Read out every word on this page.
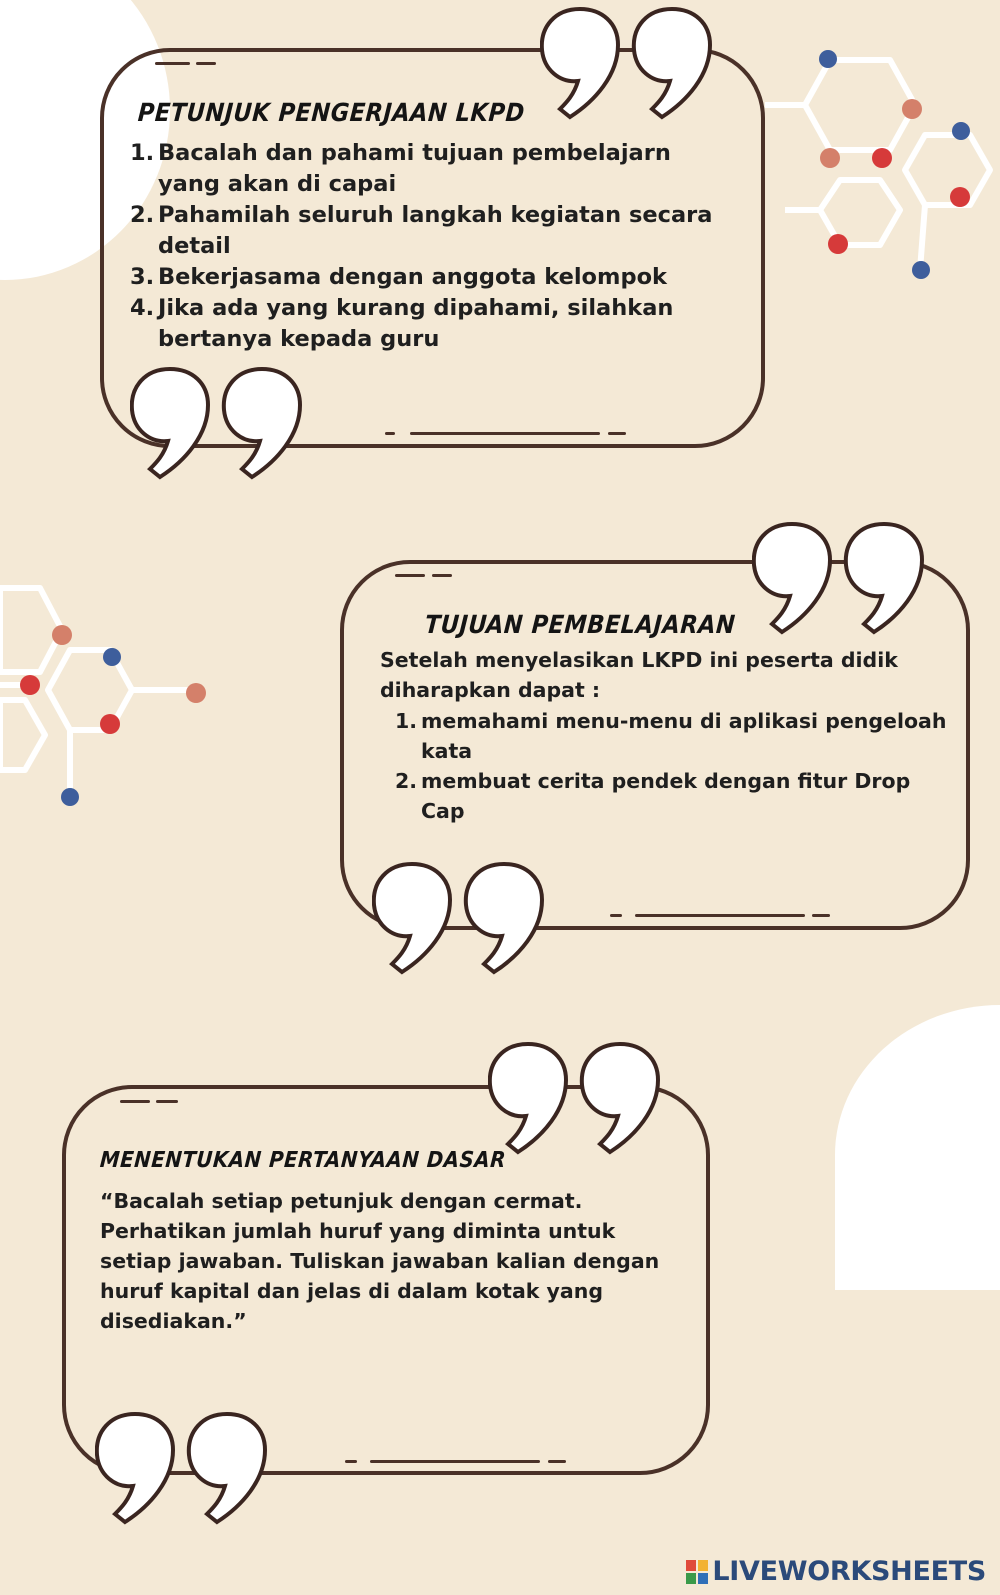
PETUNJUK PENGERJAAN LKPD
1. Bacalah dan pahami tujuan pembelajarn yang akan di capai
2. Pahamilah seluruh langkah kegiatan secara detail
3. Bekerjasama dengan anggota kelompok
4. Jika ada yang kurang dipahami, silahkan bertanya kepada guru
TUJUAN PEMBELAJARAN

Setelah menyelasikan LKPD ini peserta didik diharapkan dapat :

1. memahami menu-menu di aplikasi pengeloah kata
2. membuat cerita pendek dengan fitur Drop Cap
MENENTUKAN PERTANYAAN DASAR

“Bacalah setiap petunjuk dengan cermat. Perhatikan jumlah huruf yang diminta untuk setiap jawaban. Tuliskan jawaban kalian dengan huruf kapital dan jelas di dalam kotak yang disediakan.”

LIVEWORKSHEETS
